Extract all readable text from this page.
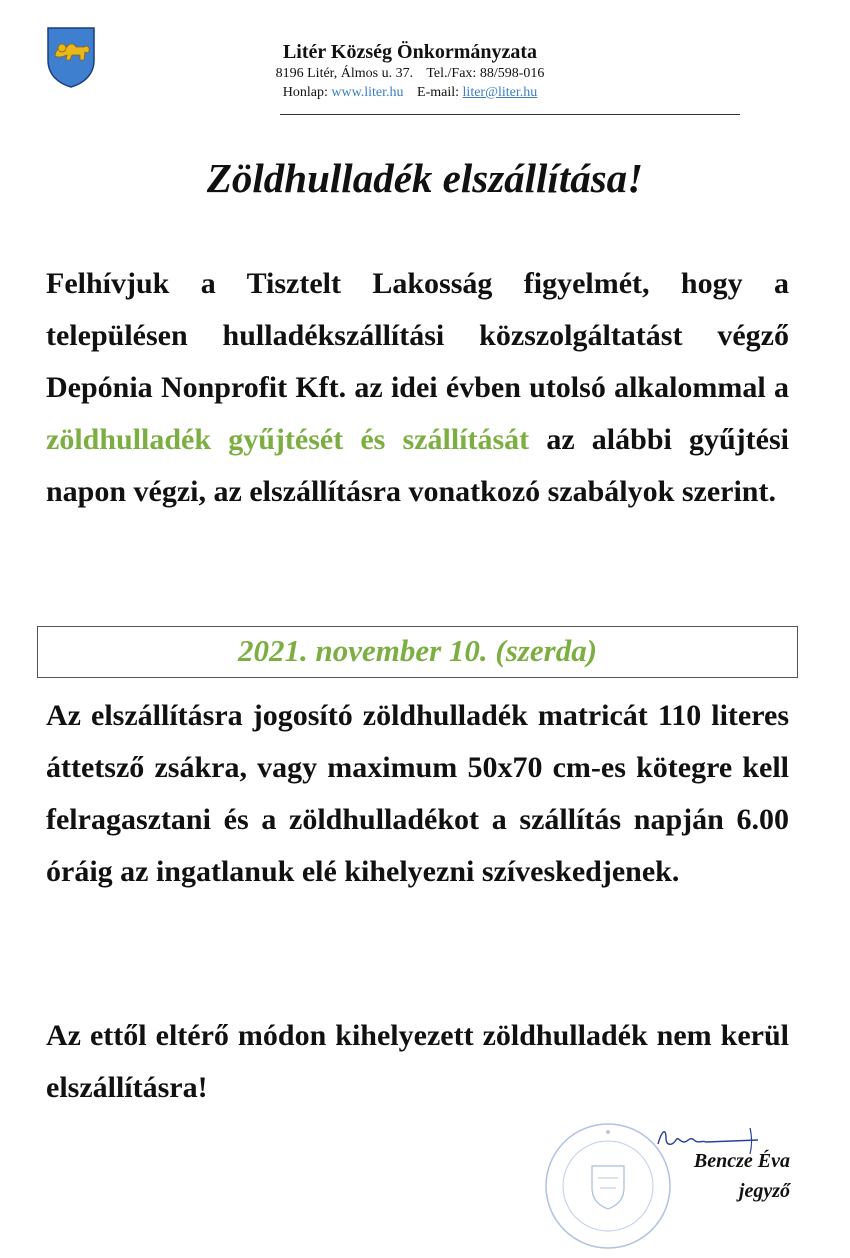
Litér Község Önkormányzata
8196 Litér, Álmos u. 37. Tel./Fax: 88/598-016
Honlap: www.liter.hu E-mail: liter@liter.hu
Zöldhulladék elszállítása!
Felhívjuk a Tisztelt Lakosság figyelmét, hogy a településen hulladékszállítási közszolgáltatást végző Depónia Nonprofit Kft. az idei évben utolsó alkalommal a zöldhulladék gyűjtését és szállítását az alábbi gyűjtési napon végzi, az elszállításra vonatkozó szabályok szerint.
2021. november 10. (szerda)
Az elszállításra jogosító zöldhulladék matricát 110 literes áttetsző zsákra, vagy maximum 50x70 cm-es kötegre kell felragasztani és a zöldhulladékot a szállítás napján 6.00 óráig az ingatlanuk elé kihelyezni szíveskedjenek.
Az ettől eltérő módon kihelyezett zöldhulladék nem kerül elszállításra!
Bencze Éva
jegyző
